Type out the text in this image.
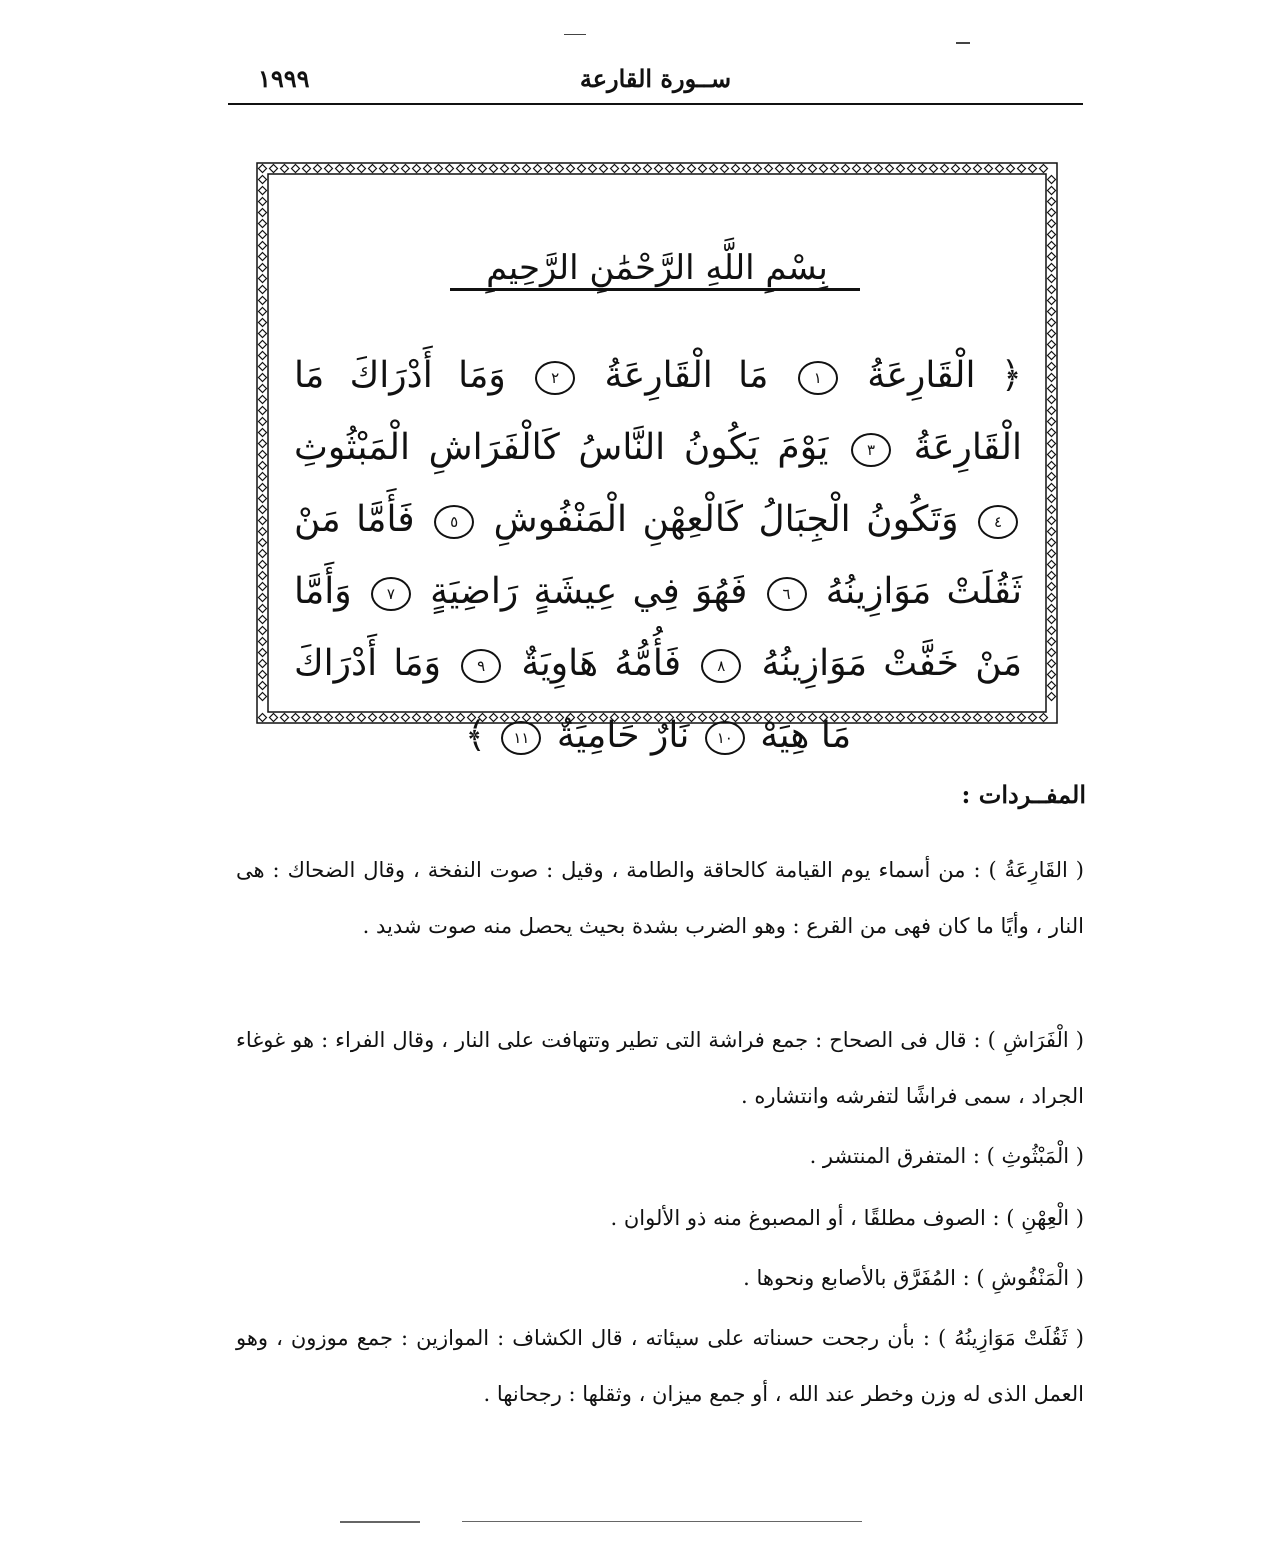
ســورة القارعة
١٩٩٩
بِسْمِ اللَّهِ الرَّحْمَٰنِ الرَّحِيمِ
﴿ الْقَارِعَةُ ١ مَا الْقَارِعَةُ ٢ وَمَا أَدْرَاكَ مَا الْقَارِعَةُ ٣ يَوْمَ يَكُونُ النَّاسُ كَالْفَرَاشِ الْمَبْثُوثِ ٤ وَتَكُونُ الْجِبَالُ كَالْعِهْنِ الْمَنْفُوشِ ٥ فَأَمَّا مَنْ ثَقُلَتْ مَوَازِينُهُ ٦ فَهُوَ فِي عِيشَةٍ رَاضِيَةٍ ٧ وَأَمَّا مَنْ خَفَّتْ مَوَازِينُهُ ٨ فَأُمُّهُ هَاوِيَةٌ ٩ وَمَا أَدْرَاكَ مَا هِيَهْ ١٠ نَارٌ حَامِيَةٌ ١١ ﴾
المفــردات :
( القَارِعَةُ ) : من أسماء يوم القيامة كالحاقة والطامة ، وقيل : صوت النفخة ، وقال الضحاك : هى النار ، وأيًا ما كان فهى من القرع : وهو الضرب بشدة بحيث يحصل منه صوت شديد .
( الْفَرَاشِ ) : قال فى الصحاح : جمع فراشة التى تطير وتتهافت على النار ، وقال الفراء : هو غوغاء الجراد ، سمى فراشًا لتفرشه وانتشاره .
( الْمَبْثُوثِ ) : المتفرق المنتشر .
( الْعِهْنِ ) : الصوف مطلقًا ، أو المصبوغ منه ذو الألوان .
( الْمَنْفُوشِ ) : المُفَرَّق بالأصابع ونحوها .
( ثَقُلَتْ مَوَازِينُهُ ) : بأن رجحت حسناته على سيئاته ، قال الكشاف : الموازين : جمع موزون ، وهو العمل الذى له وزن وخطر عند الله ، أو جمع ميزان ، وثقلها : رجحانها .
